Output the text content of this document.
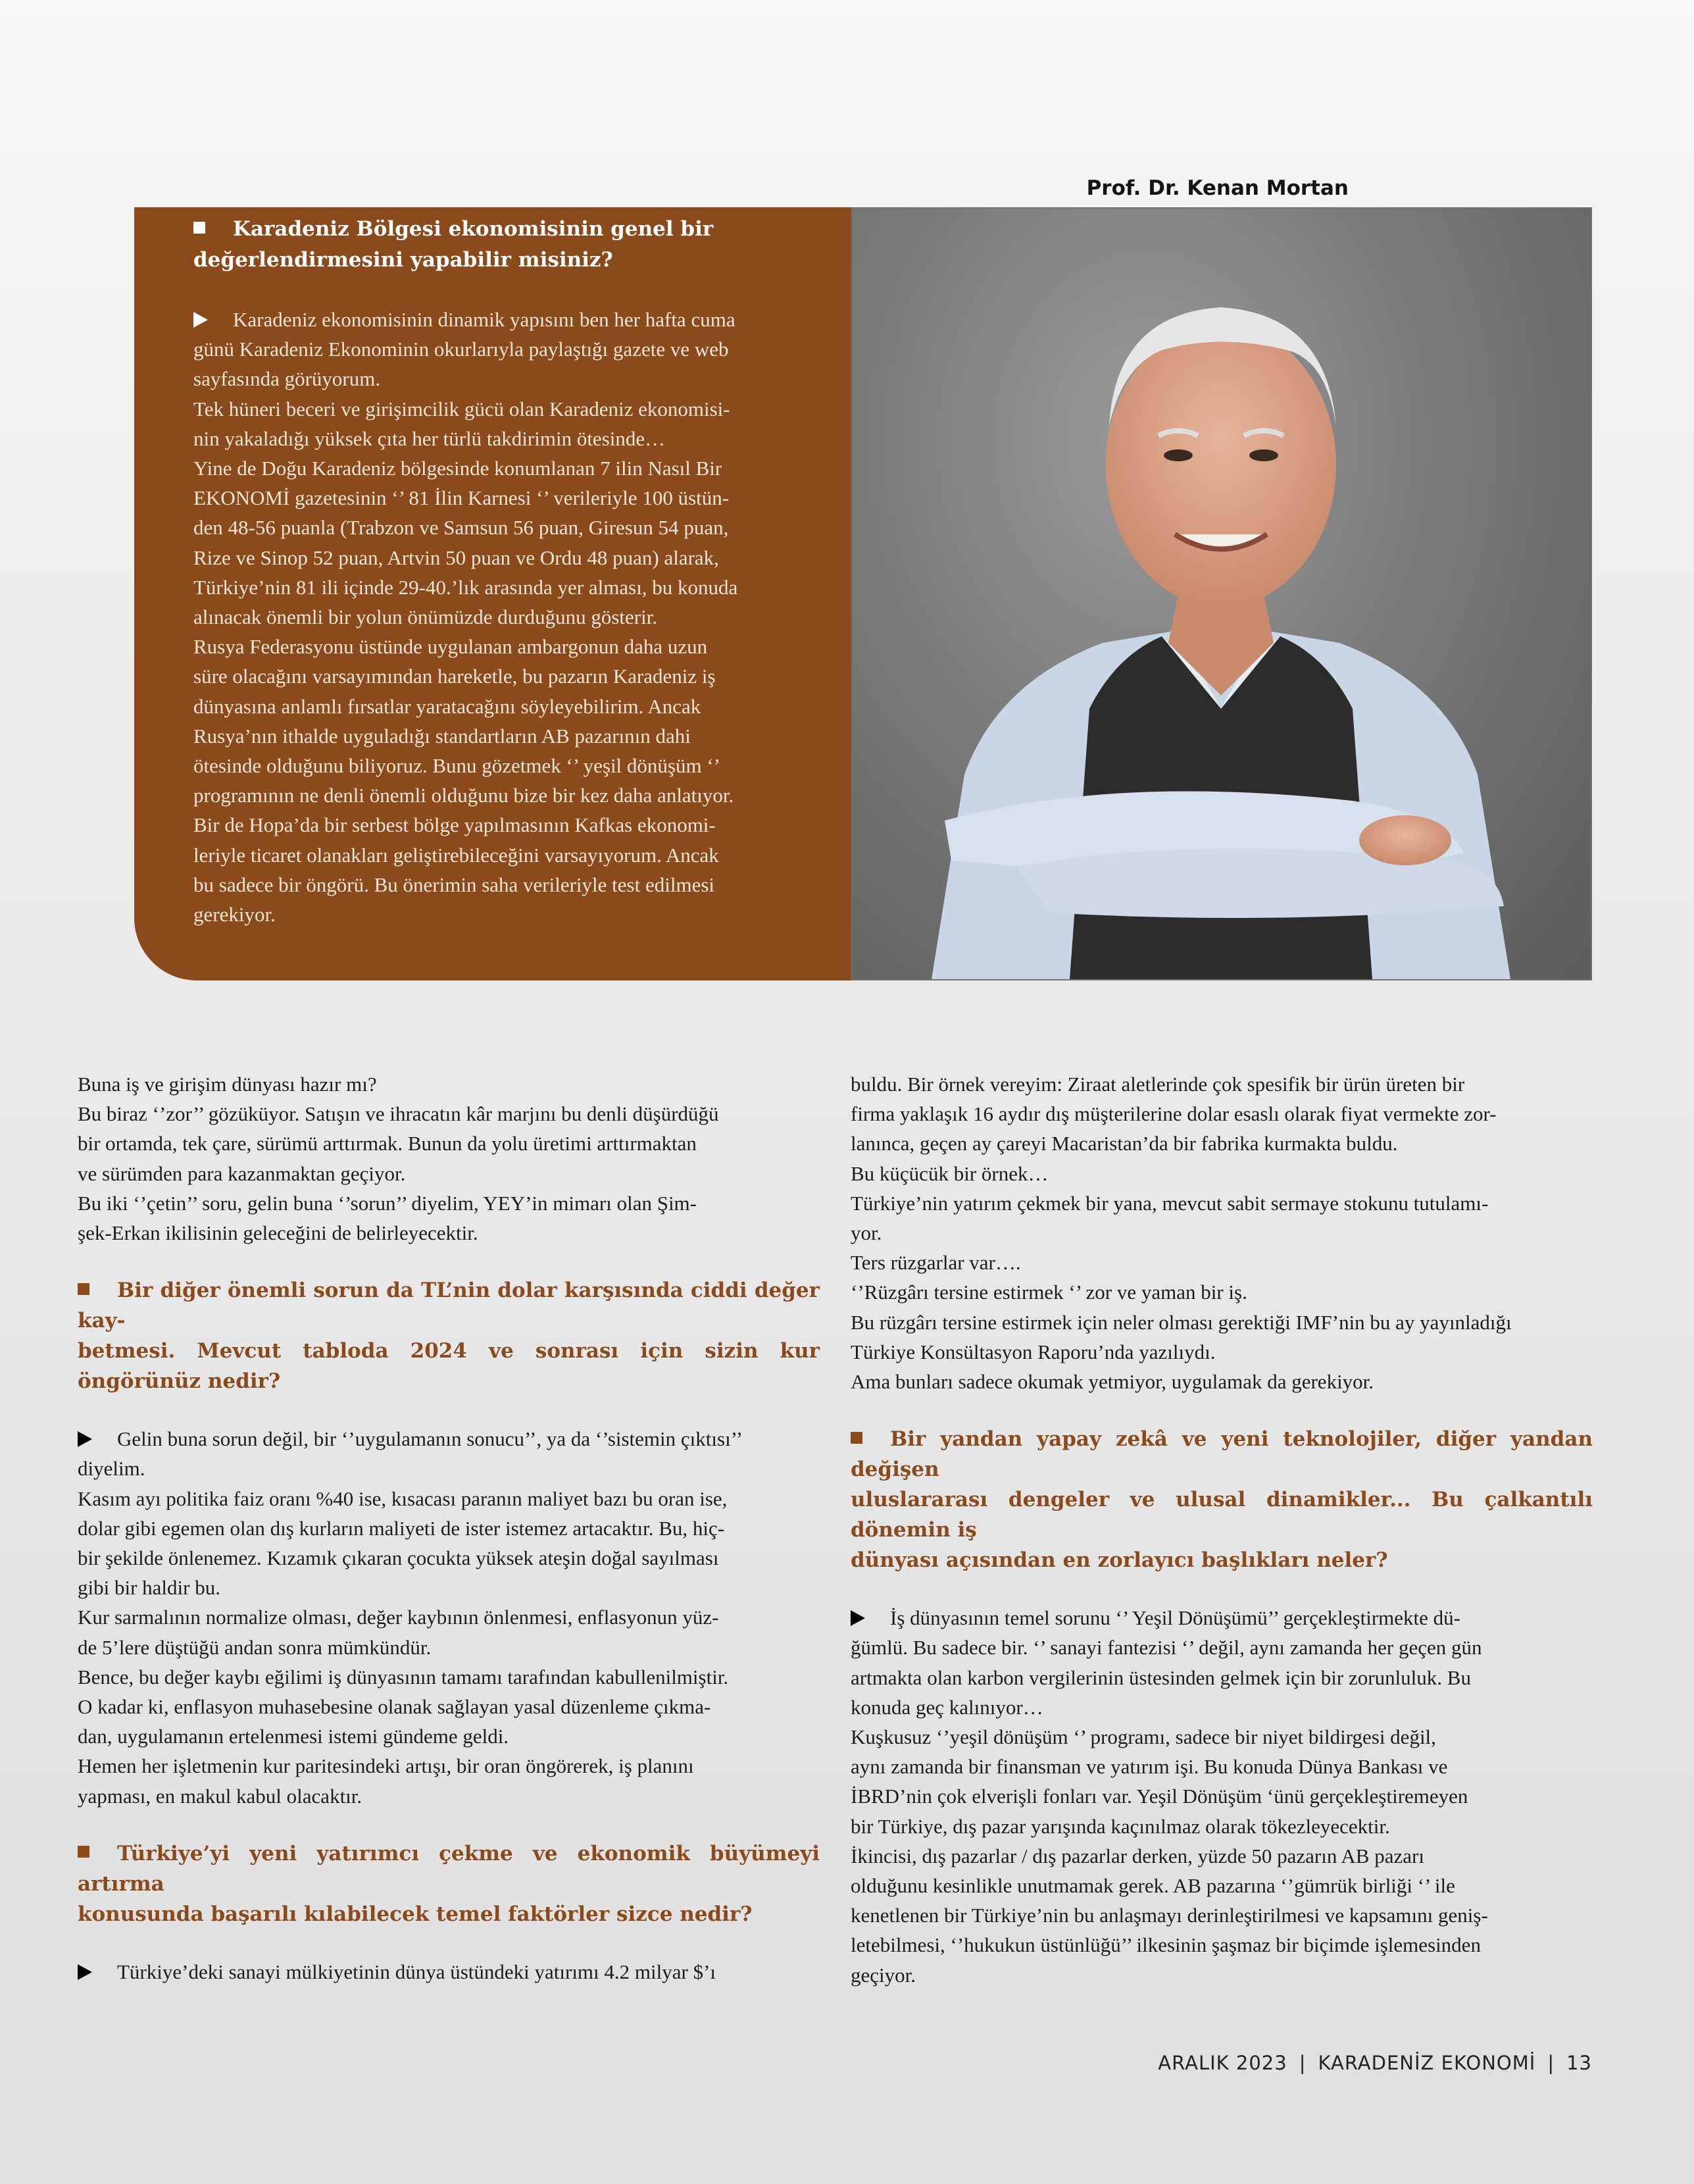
Prof. Dr. Kenan Mortan

Karadeniz Bölgesi ekonomisinin genel bir
değerlendirmesini yapabilir misiniz?

Karadeniz ekonomisinin dinamik yapısını ben her hafta cuma
günü Karadeniz Ekonominin okurlarıyla paylaştığı gazete ve web
sayfasında görüyorum.
Tek hüneri beceri ve girişimcilik gücü olan Karadeniz ekonomisi-
nin yakaladığı yüksek çıta her türlü takdirimin ötesinde…
Yine de Doğu Karadeniz bölgesinde konumlanan 7 ilin Nasıl Bir
EKONOMİ gazetesinin ‘’ 81 İlin Karnesi ‘’ verileriyle 100 üstün-
den 48-56 puanla (Trabzon ve Samsun 56 puan, Giresun 54 puan,
Rize ve Sinop 52 puan, Artvin 50 puan ve Ordu 48 puan) alarak,
Türkiye’nin 81 ili içinde 29-40.’lık arasında yer alması, bu konuda
alınacak önemli bir yolun önümüzde durduğunu gösterir.
Rusya Federasyonu üstünde uygulanan ambargonun daha uzun
süre olacağını varsayımından hareketle, bu pazarın Karadeniz iş
dünyasına anlamlı fırsatlar yaratacağını söyleyebilirim. Ancak
Rusya’nın ithalde uyguladığı standartların AB pazarının dahi
ötesinde olduğunu biliyoruz. Bunu gözetmek ‘’ yeşil dönüşüm ‘’
programının ne denli önemli olduğunu bize bir kez daha anlatıyor.
Bir de Hopa’da bir serbest bölge yapılmasının Kafkas ekonomi-
leriyle ticaret olanakları geliştirebileceğini varsayıyorum. Ancak
bu sadece bir öngörü. Bu önerimin saha verileriyle test edilmesi
gerekiyor.

Buna iş ve girişim dünyası hazır mı?
Bu biraz ‘’zor’’ gözüküyor. Satışın ve ihracatın kâr marjını bu denli düşürdüğü
bir ortamda, tek çare, sürümü arttırmak. Bunun da yolu üretimi arttırmaktan
ve sürümden para kazanmaktan geçiyor.
Bu iki ‘’çetin’’ soru, gelin buna ‘’sorun’’ diyelim, YEY’in mimarı olan Şim-
şek-Erkan ikilisinin geleceğini de belirleyecektir.

Bir diğer önemli sorun da TL’nin dolar karşısında ciddi değer kay-
betmesi. Mevcut tabloda 2024 ve sonrası için sizin kur öngörünüz nedir?

Gelin buna sorun değil, bir ‘’uygulamanın sonucu’’, ya da ‘’sistemin çıktısı’’
diyelim.
Kasım ayı politika faiz oranı %40 ise, kısacası paranın maliyet bazı bu oran ise,
dolar gibi egemen olan dış kurların maliyeti de ister istemez artacaktır. Bu, hiç-
bir şekilde önlenemez. Kızamık çıkaran çocukta yüksek ateşin doğal sayılması
gibi bir haldir bu.
Kur sarmalının normalize olması, değer kaybının önlenmesi, enflasyonun yüz-
de 5’lere düştüğü andan sonra mümkündür.
Bence, bu değer kaybı eğilimi iş dünyasının tamamı tarafından kabullenilmiştir.
O kadar ki, enflasyon muhasebesine olanak sağlayan yasal düzenleme çıkma-
dan, uygulamanın ertelenmesi istemi gündeme geldi.
Hemen her işletmenin kur paritesindeki artışı, bir oran öngörerek, iş planını
yapması, en makul kabul olacaktır.

Türkiye’yi yeni yatırımcı çekme ve ekonomik büyümeyi artırma
konusunda başarılı kılabilecek temel faktörler sizce nedir?

Türkiye’deki sanayi mülkiyetinin dünya üstündeki yatırımı 4.2 milyar $’ı

buldu. Bir örnek vereyim: Ziraat aletlerinde çok spesifik bir ürün üreten bir
firma yaklaşık 16 aydır dış müşterilerine dolar esaslı olarak fiyat vermekte zor-
lanınca, geçen ay çareyi Macaristan’da bir fabrika kurmakta buldu.
Bu küçücük bir örnek…
Türkiye’nin yatırım çekmek bir yana, mevcut sabit sermaye stokunu tutulamı-
yor.
Ters rüzgarlar var….
‘’Rüzgârı tersine estirmek ‘’ zor ve yaman bir iş.
Bu rüzgârı tersine estirmek için neler olması gerektiği IMF’nin bu ay yayınladığı
Türkiye Konsültasyon Raporu’nda yazılıydı.
Ama bunları sadece okumak yetmiyor, uygulamak da gerekiyor.

Bir yandan yapay zekâ ve yeni teknolojiler, diğer yandan değişen
uluslararası dengeler ve ulusal dinamikler... Bu çalkantılı dönemin iş
dünyası açısından en zorlayıcı başlıkları neler?

İş dünyasının temel sorunu ‘’ Yeşil Dönüşümü’’ gerçekleştirmekte dü-
ğümlü. Bu sadece bir. ‘’ sanayi fantezisi ‘’ değil, aynı zamanda her geçen gün
artmakta olan karbon vergilerinin üstesinden gelmek için bir zorunluluk. Bu
konuda geç kalınıyor…
Kuşkusuz ‘’yeşil dönüşüm ‘’ programı, sadece bir niyet bildirgesi değil,
aynı zamanda bir finansman ve yatırım işi. Bu konuda Dünya Bankası ve
İBRD’nin çok elverişli fonları var. Yeşil Dönüşüm ‘ünü gerçekleştiremeyen
bir Türkiye, dış pazar yarışında kaçınılmaz olarak tökezleyecektir.
İkincisi, dış pazarlar / dış pazarlar derken, yüzde 50 pazarın AB pazarı
olduğunu kesinlikle unutmamak gerek. AB pazarına ‘’gümrük birliği ‘’ ile
kenetlenen bir Türkiye’nin bu anlaşmayı derinleştirilmesi ve kapsamını geniş-
letebilmesi, ‘’hukukun üstünlüğü’’ ilkesinin şaşmaz bir biçimde işlemesinden
geçiyor.

ARALIK 2023 | KARADENİZ EKONOMİ | 13
